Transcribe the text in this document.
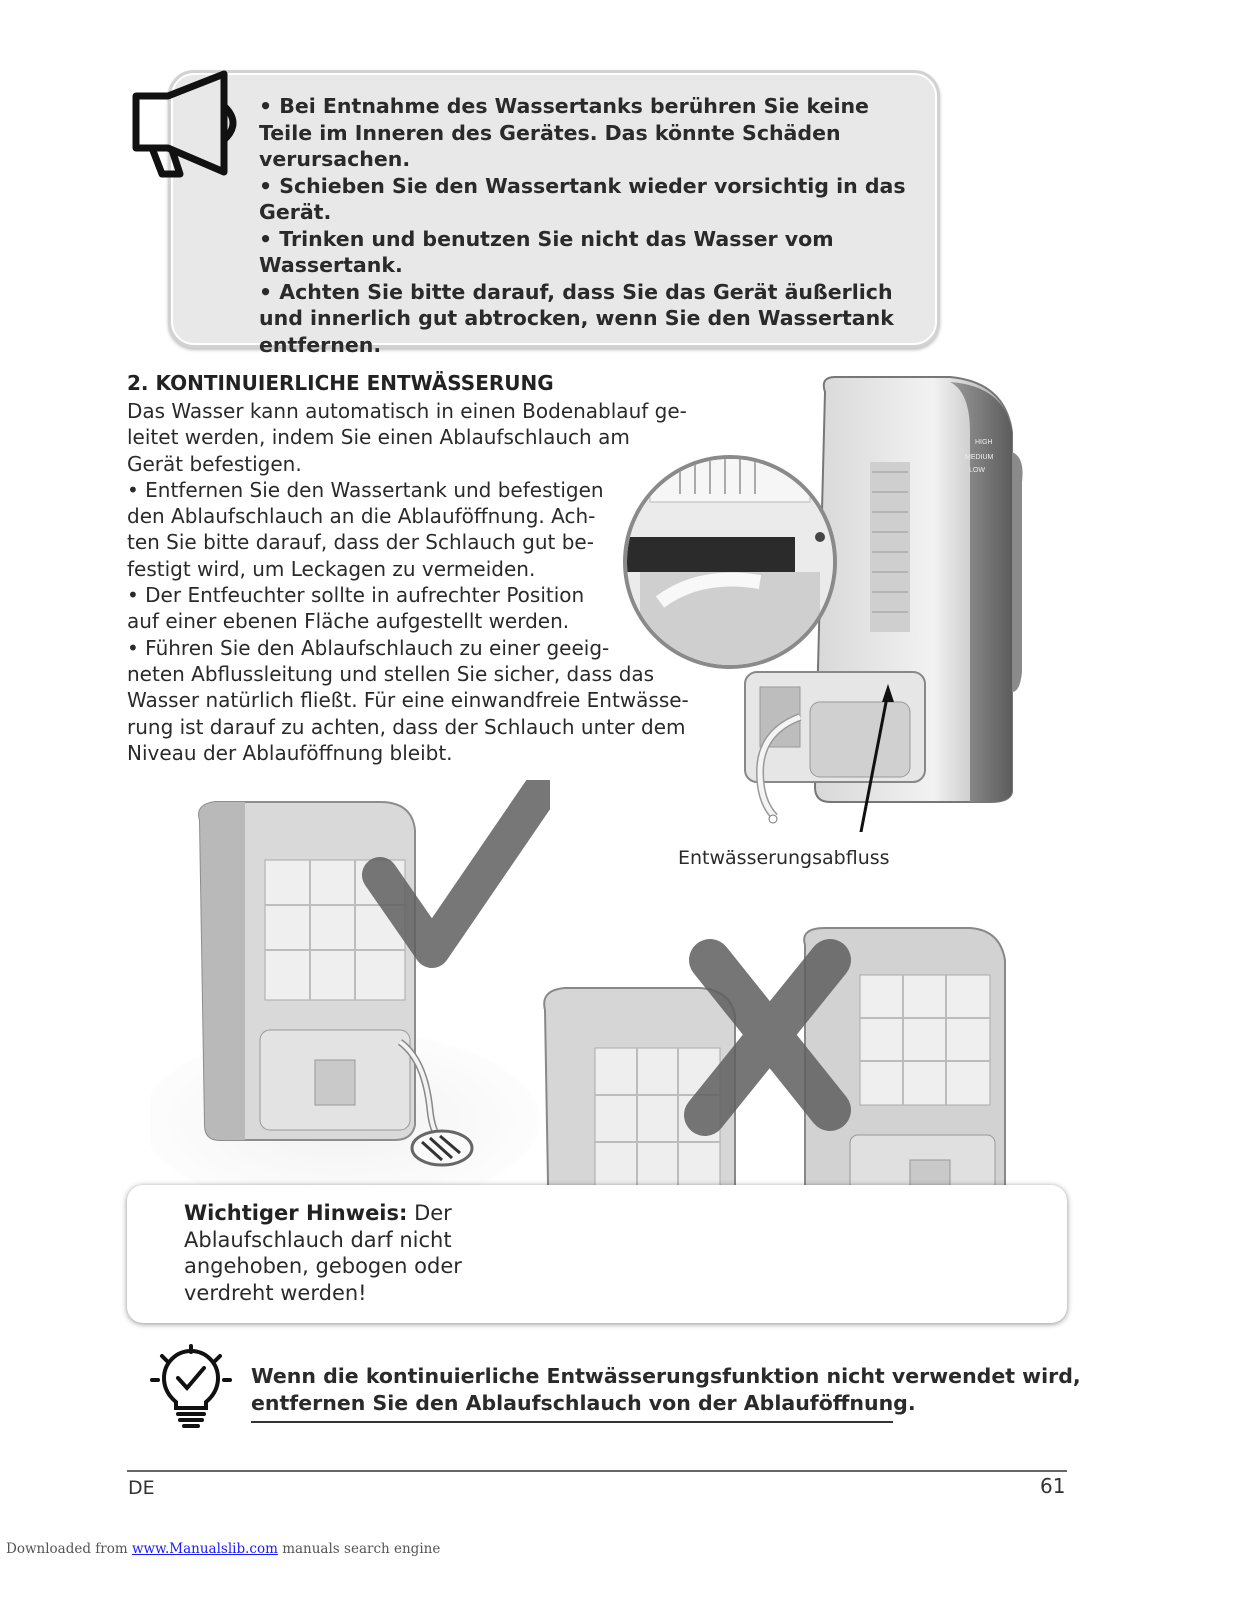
• Bei Entnahme des Wassertanks berühren Sie keine Teile im Inneren des Gerätes. Das könnte Schäden verursachen.

• Schieben Sie den Wassertank wieder vorsichtig in das Gerät.

• Trinken und benutzen Sie nicht das Wasser vom Wassertank.

• Achten Sie bitte darauf, dass Sie das Gerät äußerlich und innerlich gut abtrocken, wenn Sie den Wassertank entfernen.

2. KONTINUIERLICHE ENTWÄSSERUNG

Das Wasser kann automatisch in einen Bodenablauf ge-

leitet werden, indem Sie einen Ablaufschlauch am

Gerät befestigen.

• Entfernen Sie den Wassertank und befestigen

den Ablaufschlauch an die Ablauföffnung. Ach-

ten Sie bitte darauf, dass der Schlauch gut be-

festigt wird, um Leckagen zu vermeiden.

• Der Entfeuchter sollte in aufrechter Position

auf einer ebenen Fläche aufgestellt werden.

• Führen Sie den Ablaufschlauch zu einer geeig-

neten Abflussleitung und stellen Sie sicher, dass das

Wasser natürlich fließt. Für eine einwandfreie Entwässe-

rung ist darauf zu achten, dass der Schlauch unter dem

Niveau der Ablauföffnung bleibt.

HIGH
MEDIUM
LOW
Entwässerungsabfluss
Wichtiger Hinweis: Der Ablaufschlauch darf nicht angehoben, gebogen oder verdreht werden!
Wenn die kontinuierliche Entwässerungsfunktion nicht verwendet wird, entfernen Sie den Ablaufschlauch von der Ablauföffnung.
DE	61
Downloaded from www.Manualslib.com manuals search engine
